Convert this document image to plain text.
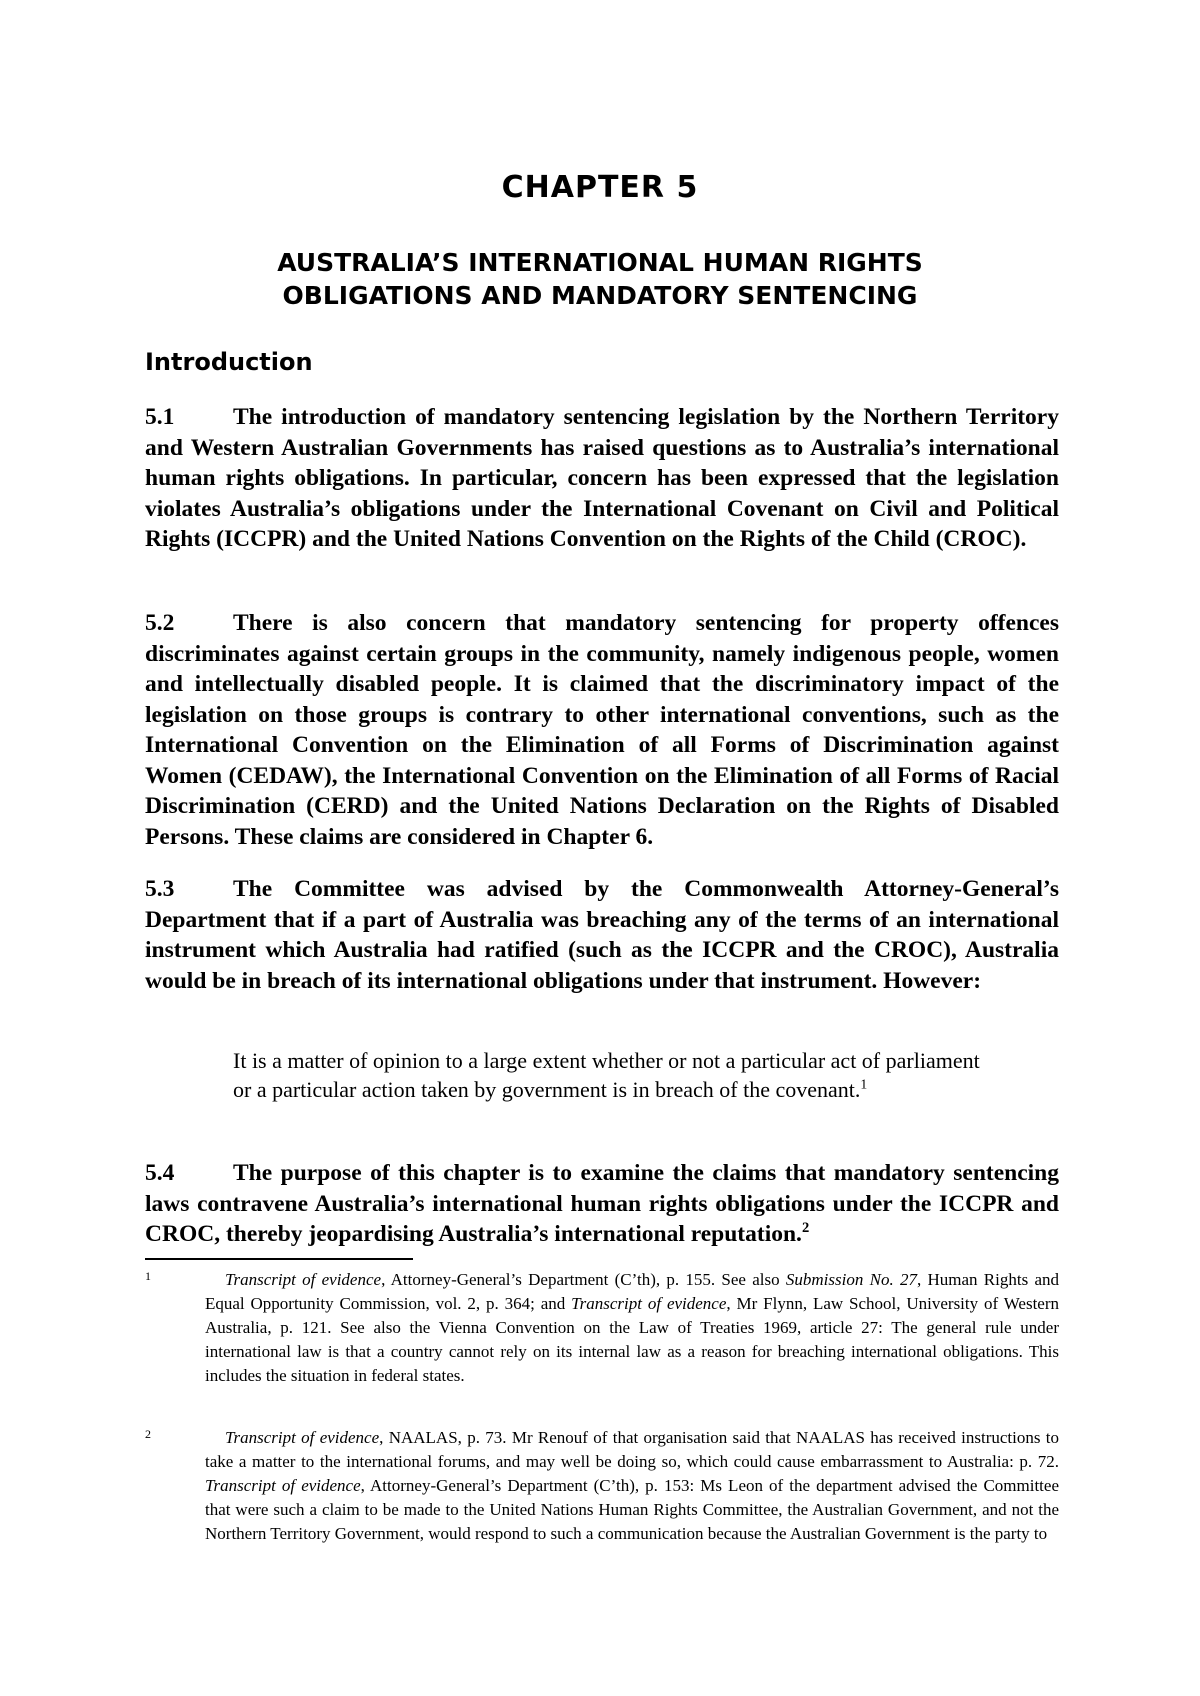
CHAPTER 5
AUSTRALIA’S INTERNATIONAL HUMAN RIGHTS
OBLIGATIONS AND MANDATORY SENTENCING
Introduction

5.1 The introduction of mandatory sentencing legislation by the Northern Territory and Western Australian Governments has raised questions as to Australia’s international human rights obligations. In particular, concern has been expressed that the legislation violates Australia’s obligations under the International Covenant on Civil and Political Rights (ICCPR) and the United Nations Convention on the Rights of the Child (CROC).

5.2 There is also concern that mandatory sentencing for property offences discriminates against certain groups in the community, namely indigenous people, women and intellectually disabled people. It is claimed that the discriminatory impact of the legislation on those groups is contrary to other international conventions, such as the International Convention on the Elimination of all Forms of Discrimination against Women (CEDAW), the International Convention on the Elimination of all Forms of Racial Discrimination (CERD) and the United Nations Declaration on the Rights of Disabled Persons. These claims are considered in Chapter 6.

5.3 The Committee was advised by the Commonwealth Attorney-General’s Department that if a part of Australia was breaching any of the terms of an international instrument which Australia had ratified (such as the ICCPR and the CROC), Australia would be in breach of its international obligations under that instrument. However:

It is a matter of opinion to a large extent whether or not a particular act of parliament or a particular action taken by government is in breach of the covenant.$^1$

5.4 The purpose of this chapter is to examine the claims that mandatory sentencing laws contravene Australia’s international human rights obligations under the ICCPR and CROC, thereby jeopardising Australia’s international reputation.$^2$

1	Transcript of evidence, Attorney-General’s Department (C’th), p. 155. See also Submission No. 27, Human Rights and Equal Opportunity Commission, vol. 2, p. 364; and Transcript of evidence, Mr Flynn, Law School, University of Western Australia, p. 121. See also the Vienna Convention on the Law of Treaties 1969, article 27: The general rule under international law is that a country cannot rely on its internal law as a reason for breaching international obligations. This includes the situation in federal states.
2	Transcript of evidence, NAALAS, p. 73. Mr Renouf of that organisation said that NAALAS has received instructions to take a matter to the international forums, and may well be doing so, which could cause embarrassment to Australia: p. 72. Transcript of evidence, Attorney-General’s Department (C’th), p. 153: Ms Leon of the department advised the Committee that were such a claim to be made to the United Nations Human Rights Committee, the Australian Government, and not the Northern Territory Government, would respond to such a communication because the Australian Government is the party to
